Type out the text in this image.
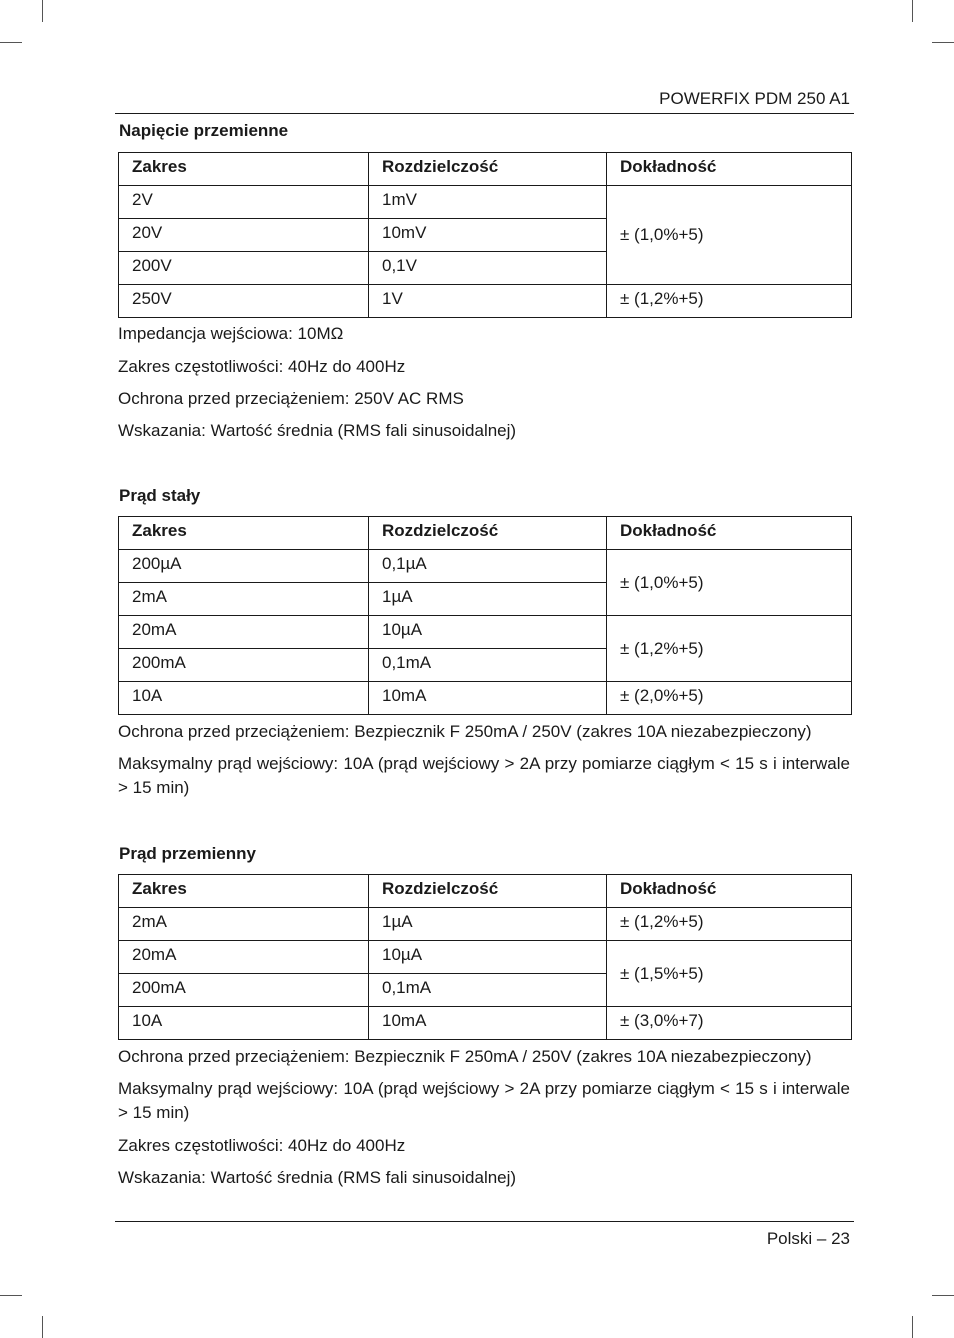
POWERFIX PDM 250 A1
Napięcie przemienne
Zakres	Rozdzielczość	Dokładność
2V	1mV	± (1,0%+5)
20V	10mV	
200V	0,1V	
250V	1V	± (1,2%+5)
Impedancja wejściowa: 10MΩ
Zakres częstotliwości: 40Hz do 400Hz
Ochrona przed przeciążeniem: 250V AC RMS
Wskazania: Wartość średnia (RMS fali sinusoidalnej)
Prąd stały
Zakres	Rozdzielczość	Dokładność
200µA	0,1µA	± (1,0%+5)
2mA	1µA	
20mA	10µA	± (1,2%+5)
200mA	0,1mA	
10A	10mA	± (2,0%+5)
Ochrona przed przeciążeniem: Bezpiecznik F 250mA / 250V (zakres 10A niezabezpieczony)
Maksymalny prąd wejściowy: 10A (prąd wejściowy > 2A przy pomiarze ciągłym < 15 s i interwale > 15 min)
Prąd przemienny
Zakres	Rozdzielczość	Dokładność
2mA	1µA	± (1,2%+5)
20mA	10µA	± (1,5%+5)
200mA	0,1mA	
10A	10mA	± (3,0%+7)
Ochrona przed przeciążeniem: Bezpiecznik F 250mA / 250V (zakres 10A niezabezpieczony)
Maksymalny prąd wejściowy: 10A (prąd wejściowy > 2A przy pomiarze ciągłym < 15 s i interwale > 15 min)
Zakres częstotliwości: 40Hz do 400Hz
Wskazania: Wartość średnia (RMS fali sinusoidalnej)
Polski – 23
